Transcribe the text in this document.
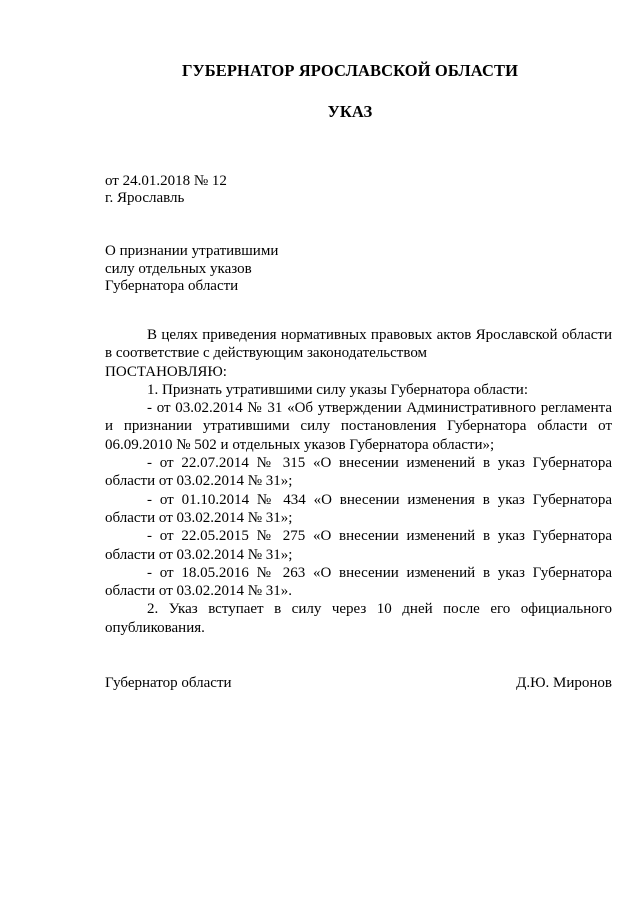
ГУБЕРНАТОР ЯРОСЛАВСКОЙ ОБЛАСТИ
УКАЗ
от 24.01.2018 № 12
г. Ярославль
О признании утратившими
силу отдельных указов
Губернатора области

В целях приведения нормативных правовых актов Ярославской области в соответствие с действующим законодательством

ПОСТАНОВЛЯЮ:

1. Признать утратившими силу указы Губернатора области:

- от 03.02.2014 № 31 «Об утверждении Административного регламента и признании утратившими силу постановления Губернатора области от 06.09.2010 № 502 и отдельных указов Губернатора области»;

- от 22.07.2014 № 315 «О внесении изменений в указ Губернатора области от 03.02.2014 № 31»;

- от 01.10.2014 № 434 «О внесении изменения в указ Губернатора области от 03.02.2014 № 31»;

- от 22.05.2015 № 275 «О внесении изменений в указ Губернатора области от 03.02.2014 № 31»;

- от 18.05.2016 № 263 «О внесении изменений в указ Губернатора области от 03.02.2014 № 31».

2. Указ вступает в силу через 10 дней после его официального опубликования.

Губернатор области	Д.Ю. Миронов
